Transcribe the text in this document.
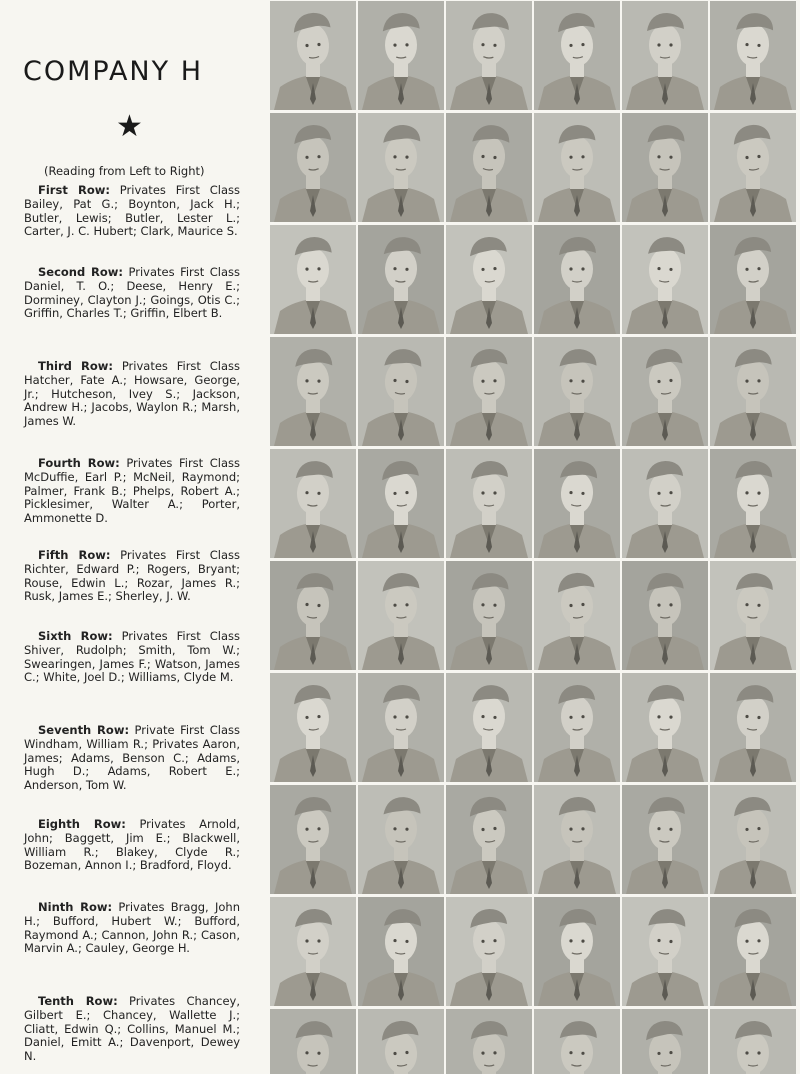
COMPANY H
★
(Reading from Left to Right)

First Row: Privates First Class Bailey, Pat G.; Boynton, Jack H.; Butler, Lewis; Butler, Lester L.; Carter, J. C. Hubert; Clark, Maurice S.

Second Row: Privates First Class Daniel, T. O.; Deese, Henry E.; Dorminey, Clayton J.; Goings, Otis C.; Griffin, Charles T.; Griffin, Elbert B.

Third Row: Privates First Class Hatcher, Fate A.; Howsare, George, Jr.; Hutcheson, Ivey S.; Jackson, Andrew H.; Jacobs, Waylon R.; Marsh, James W.

Fourth Row: Privates First Class McDuffie, Earl P.; McNeil, Raymond; Palmer, Frank B.; Phelps, Robert A.; Picklesimer, Walter A.; Porter, Ammonette D.

Fifth Row: Privates First Class Richter, Edward P.; Rogers, Bryant; Rouse, Edwin L.; Rozar, James R.; Rusk, James E.; Sherley, J. W.

Sixth Row: Privates First Class Shiver, Rudolph; Smith, Tom W.; Swearingen, James F.; Watson, James C.; White, Joel D.; Williams, Clyde M.

Seventh Row: Private First Class Windham, William R.; Privates Aaron, James; Adams, Benson C.; Adams, Hugh D.; Adams, Robert E.; Anderson, Tom W.

Eighth Row: Privates Arnold, John; Baggett, Jim E.; Blackwell, William R.; Blakey, Clyde R.; Bozeman, Annon I.; Bradford, Floyd.

Ninth Row: Privates Bragg, John H.; Bufford, Hubert W.; Bufford, Raymond A.; Cannon, John R.; Cason, Marvin A.; Cauley, George H.

Tenth Row: Privates Chancey, Gilbert E.; Chancey, Wallette J.; Cliatt, Edwin Q.; Collins, Manuel M.; Daniel, Emitt A.; Davenport, Dewey N.
